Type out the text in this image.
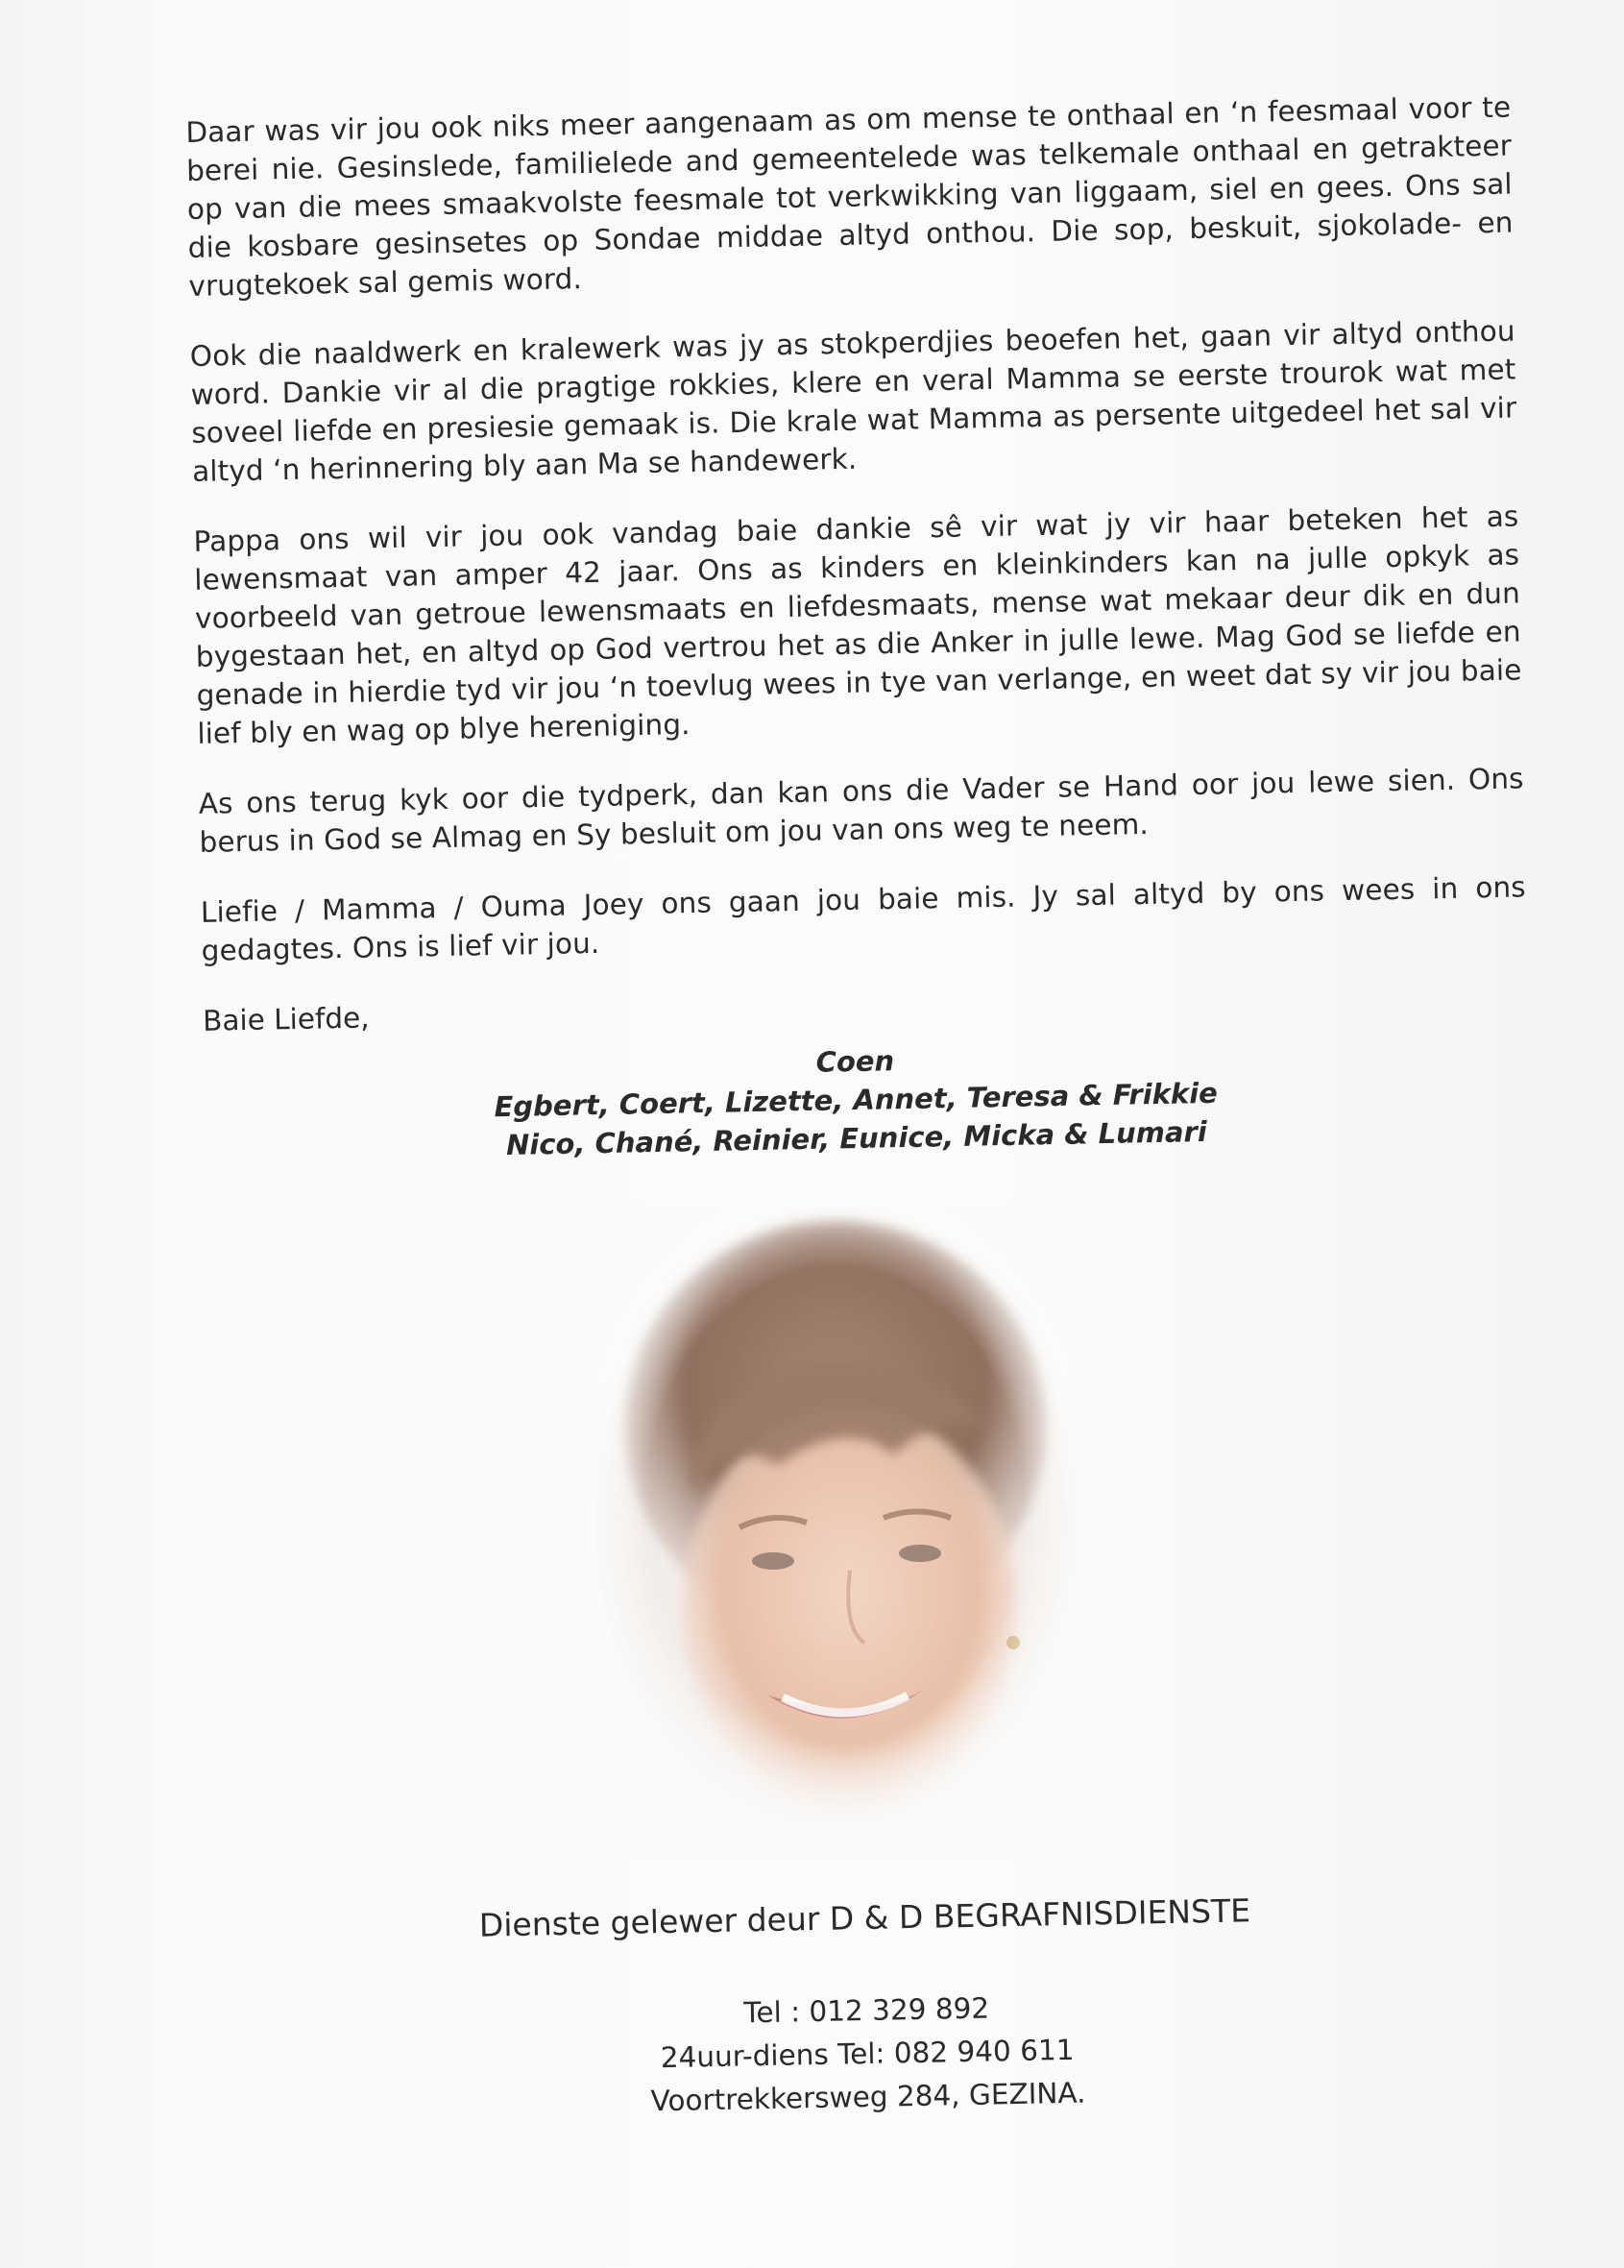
Daar was vir jou ook niks meer aangenaam as om mense te onthaal en ‘n feesmaal voor te berei nie. Gesinslede, familielede and gemeentelede was telkemale onthaal en getrakteer op van die mees smaakvolste feesmale tot verkwikking van liggaam, siel en gees. Ons sal die kosbare gesinsetes op Sondae middae altyd onthou. Die sop, beskuit, sjokolade- en vrugtekoek sal gemis word.

Ook die naaldwerk en kralewerk was jy as stokperdjies beoefen het, gaan vir altyd onthou word. Dankie vir al die pragtige rokkies, klere en veral Mamma se eerste trourok wat met soveel liefde en presiesie gemaak is. Die krale wat Mamma as persente uitgedeel het sal vir altyd ‘n herinnering bly aan Ma se handewerk.

Pappa ons wil vir jou ook vandag baie dankie sê vir wat jy vir haar beteken het as lewensmaat van amper 42 jaar. Ons as kinders en kleinkinders kan na julle opkyk as voorbeeld van getroue lewensmaats en liefdesmaats, mense wat mekaar deur dik en dun bygestaan het, en altyd op God vertrou het as die Anker in julle lewe. Mag God se liefde en genade in hierdie tyd vir jou ‘n toevlug wees in tye van verlange, en weet dat sy vir jou baie lief bly en wag op blye hereniging.

As ons terug kyk oor die tydperk, dan kan ons die Vader se Hand oor jou lewe sien. Ons berus in God se Almag en Sy besluit om jou van ons weg te neem.

Liefie / Mamma / Ouma Joey ons gaan jou baie mis. Jy sal altyd by ons wees in ons gedagtes. Ons is lief vir jou.

Baie Liefde,

Coen

Egbert, Coert, Lizette, Annet, Teresa & Frikkie

Nico, Chané, Reinier, Eunice, Micka & Lumari

Dienste gelewer deur D & D BEGRAFNISDIENSTE

Tel : 012 329 892

24uur-diens Tel: 082 940 611

Voortrekkersweg 284, GEZINA.
